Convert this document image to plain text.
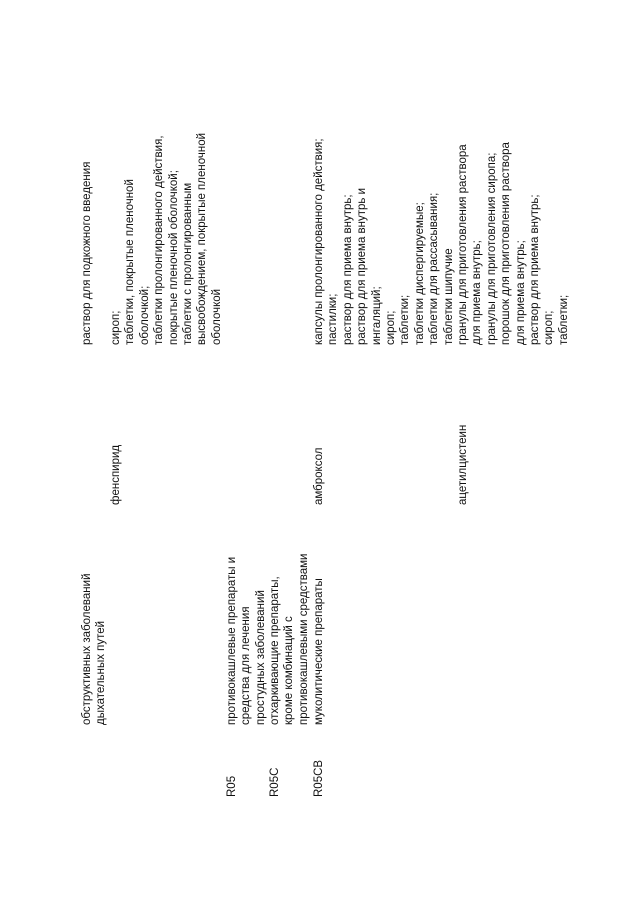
обструктивных заболеваний дыхательных путей
раствор для подкожного введения
фенспирид
сироп; таблетки, покрытые пленочной оболочкой; таблетки пролонгированного действия, покрытые пленочной оболочкой; таблетки с пролонгированным высвобождением, покрытые пленочной оболочкой
R05
противокашлевые препараты и средства для лечения простудных заболеваний
R05C
отхаркивающие препараты, кроме комбинаций с противокашлевыми средствами
R05CB
муколитические препараты
амброксол
капсулы пролонгированного действия; пастилки; раствор для приема внутрь; раствор для приема внутрь и ингаляций; сироп; таблетки; таблетки диспергируемые; таблетки для рассасывания; таблетки шипучие
ацетилцистеин
гранулы для приготовления раствора для приема внутрь; гранулы для приготовления сиропа; порошок для приготовления раствора для приема внутрь; раствор для приема внутрь; сироп; таблетки;
